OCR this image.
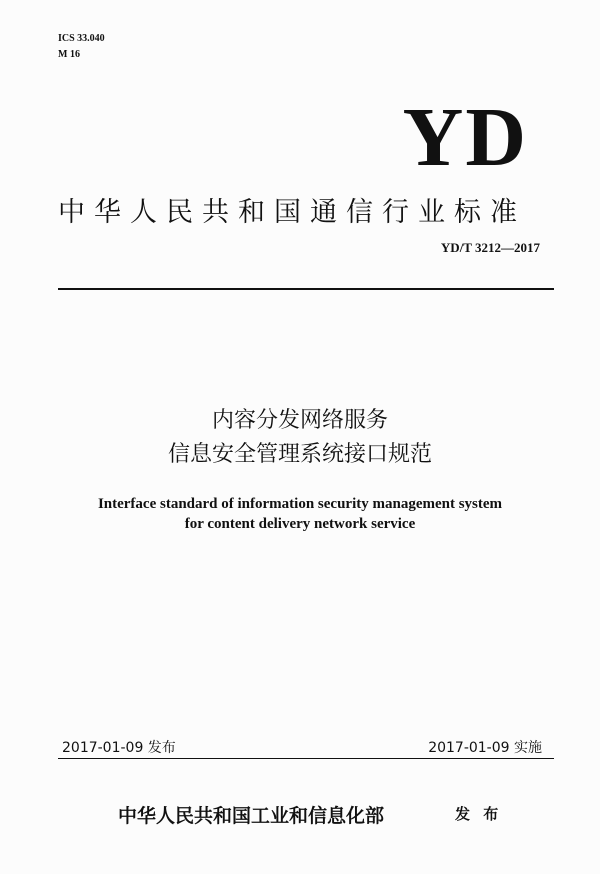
ICS 33.040
M 16
YD
中华人民共和国通信行业标准
YD/T 3212—2017
内容分发网络服务
信息安全管理系统接口规范
Interface standard of information security management system
for content delivery network service
2017-01-09 发布	2017-01-09 实施
中华人民共和国工业和信息化部	发 布
